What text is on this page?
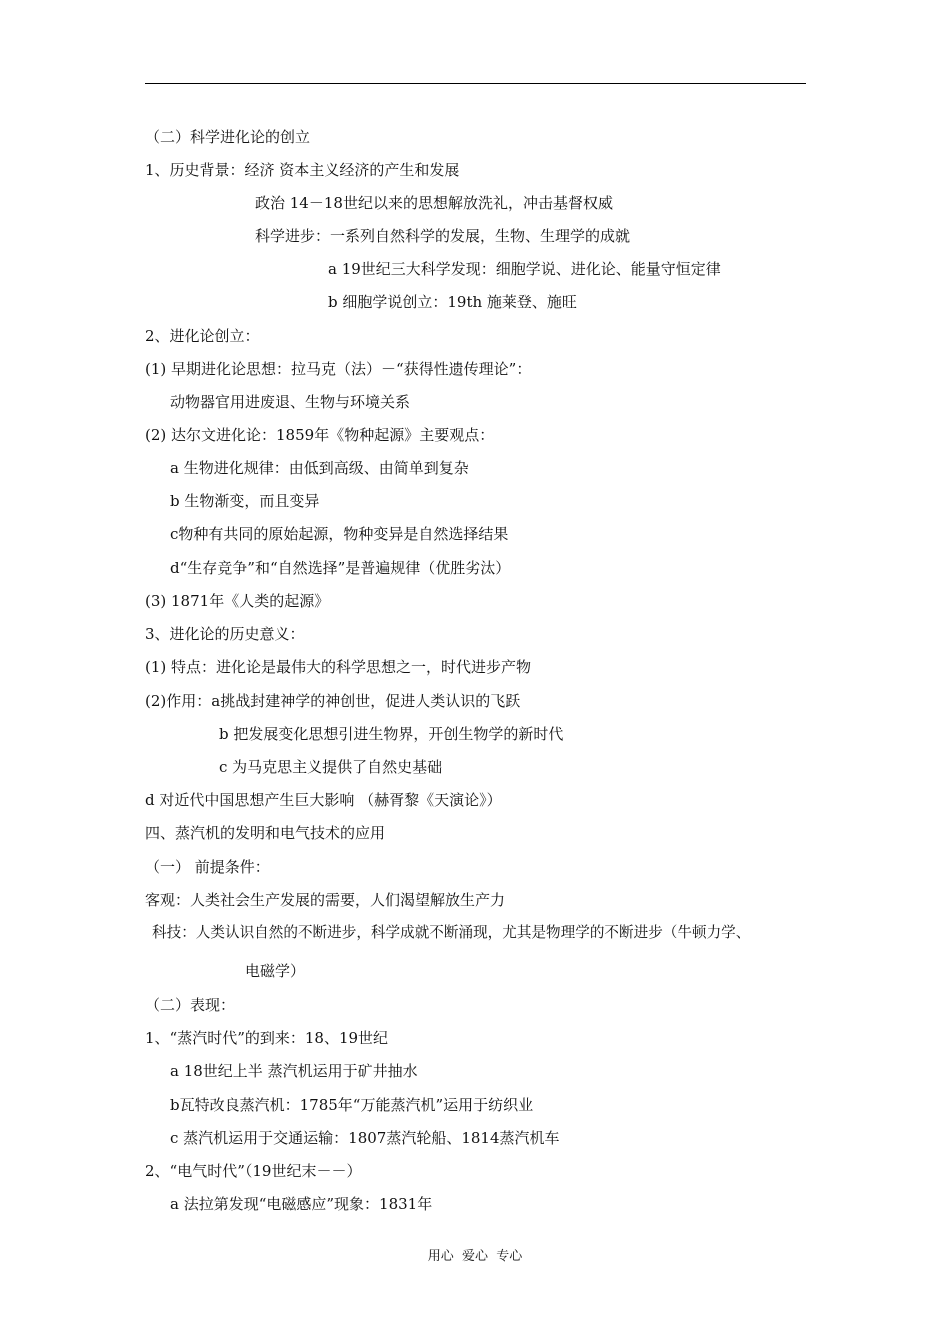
（二）科学进化论的创立
1、历史背景：经济 资本主义经济的产生和发展
政治 14－18世纪以来的思想解放洗礼，冲击基督权威
科学进步：一系列自然科学的发展，生物、生理学的成就
a 19世纪三大科学发现：细胞学说、进化论、能量守恒定律
b 细胞学说创立：19th 施莱登、施旺
2、进化论创立：
(1) 早期进化论思想：拉马克（法）－“获得性遗传理论”：
动物器官用进废退、生物与环境关系
(2) 达尔文进化论：1859年《物种起源》主要观点：
a 生物进化规律：由低到高级、由简单到复杂
b 生物渐变，而且变异
c物种有共同的原始起源，物种变异是自然选择结果
d“生存竞争”和“自然选择”是普遍规律（优胜劣汰）
(3) 1871年《人类的起源》
3、进化论的历史意义：
(1) 特点：进化论是最伟大的科学思想之一，时代进步产物
(2)作用：a挑战封建神学的神创世，促进人类认识的飞跃
b 把发展变化思想引进生物界，开创生物学的新时代
c 为马克思主义提供了自然史基础
d 对近代中国思想产生巨大影响 （赫胥黎《天演论》）
四、蒸汽机的发明和电气技术的应用
（一） 前提条件：
客观：人类社会生产发展的需要，人们渴望解放生产力
科技：人类认识自然的不断进步，科学成就不断涌现，尤其是物理学的不断进步（牛顿力学、
电磁学）
（二）表现：
1、“蒸汽时代”的到来：18、19世纪
a 18世纪上半 蒸汽机运用于矿井抽水
b瓦特改良蒸汽机：1785年“万能蒸汽机”运用于纺织业
c 蒸汽机运用于交通运输：1807蒸汽轮船、1814蒸汽机车
2、“电气时代”（19世纪末－－）
a 法拉第发现“电磁感应”现象：1831年
用心  爱心  专心
